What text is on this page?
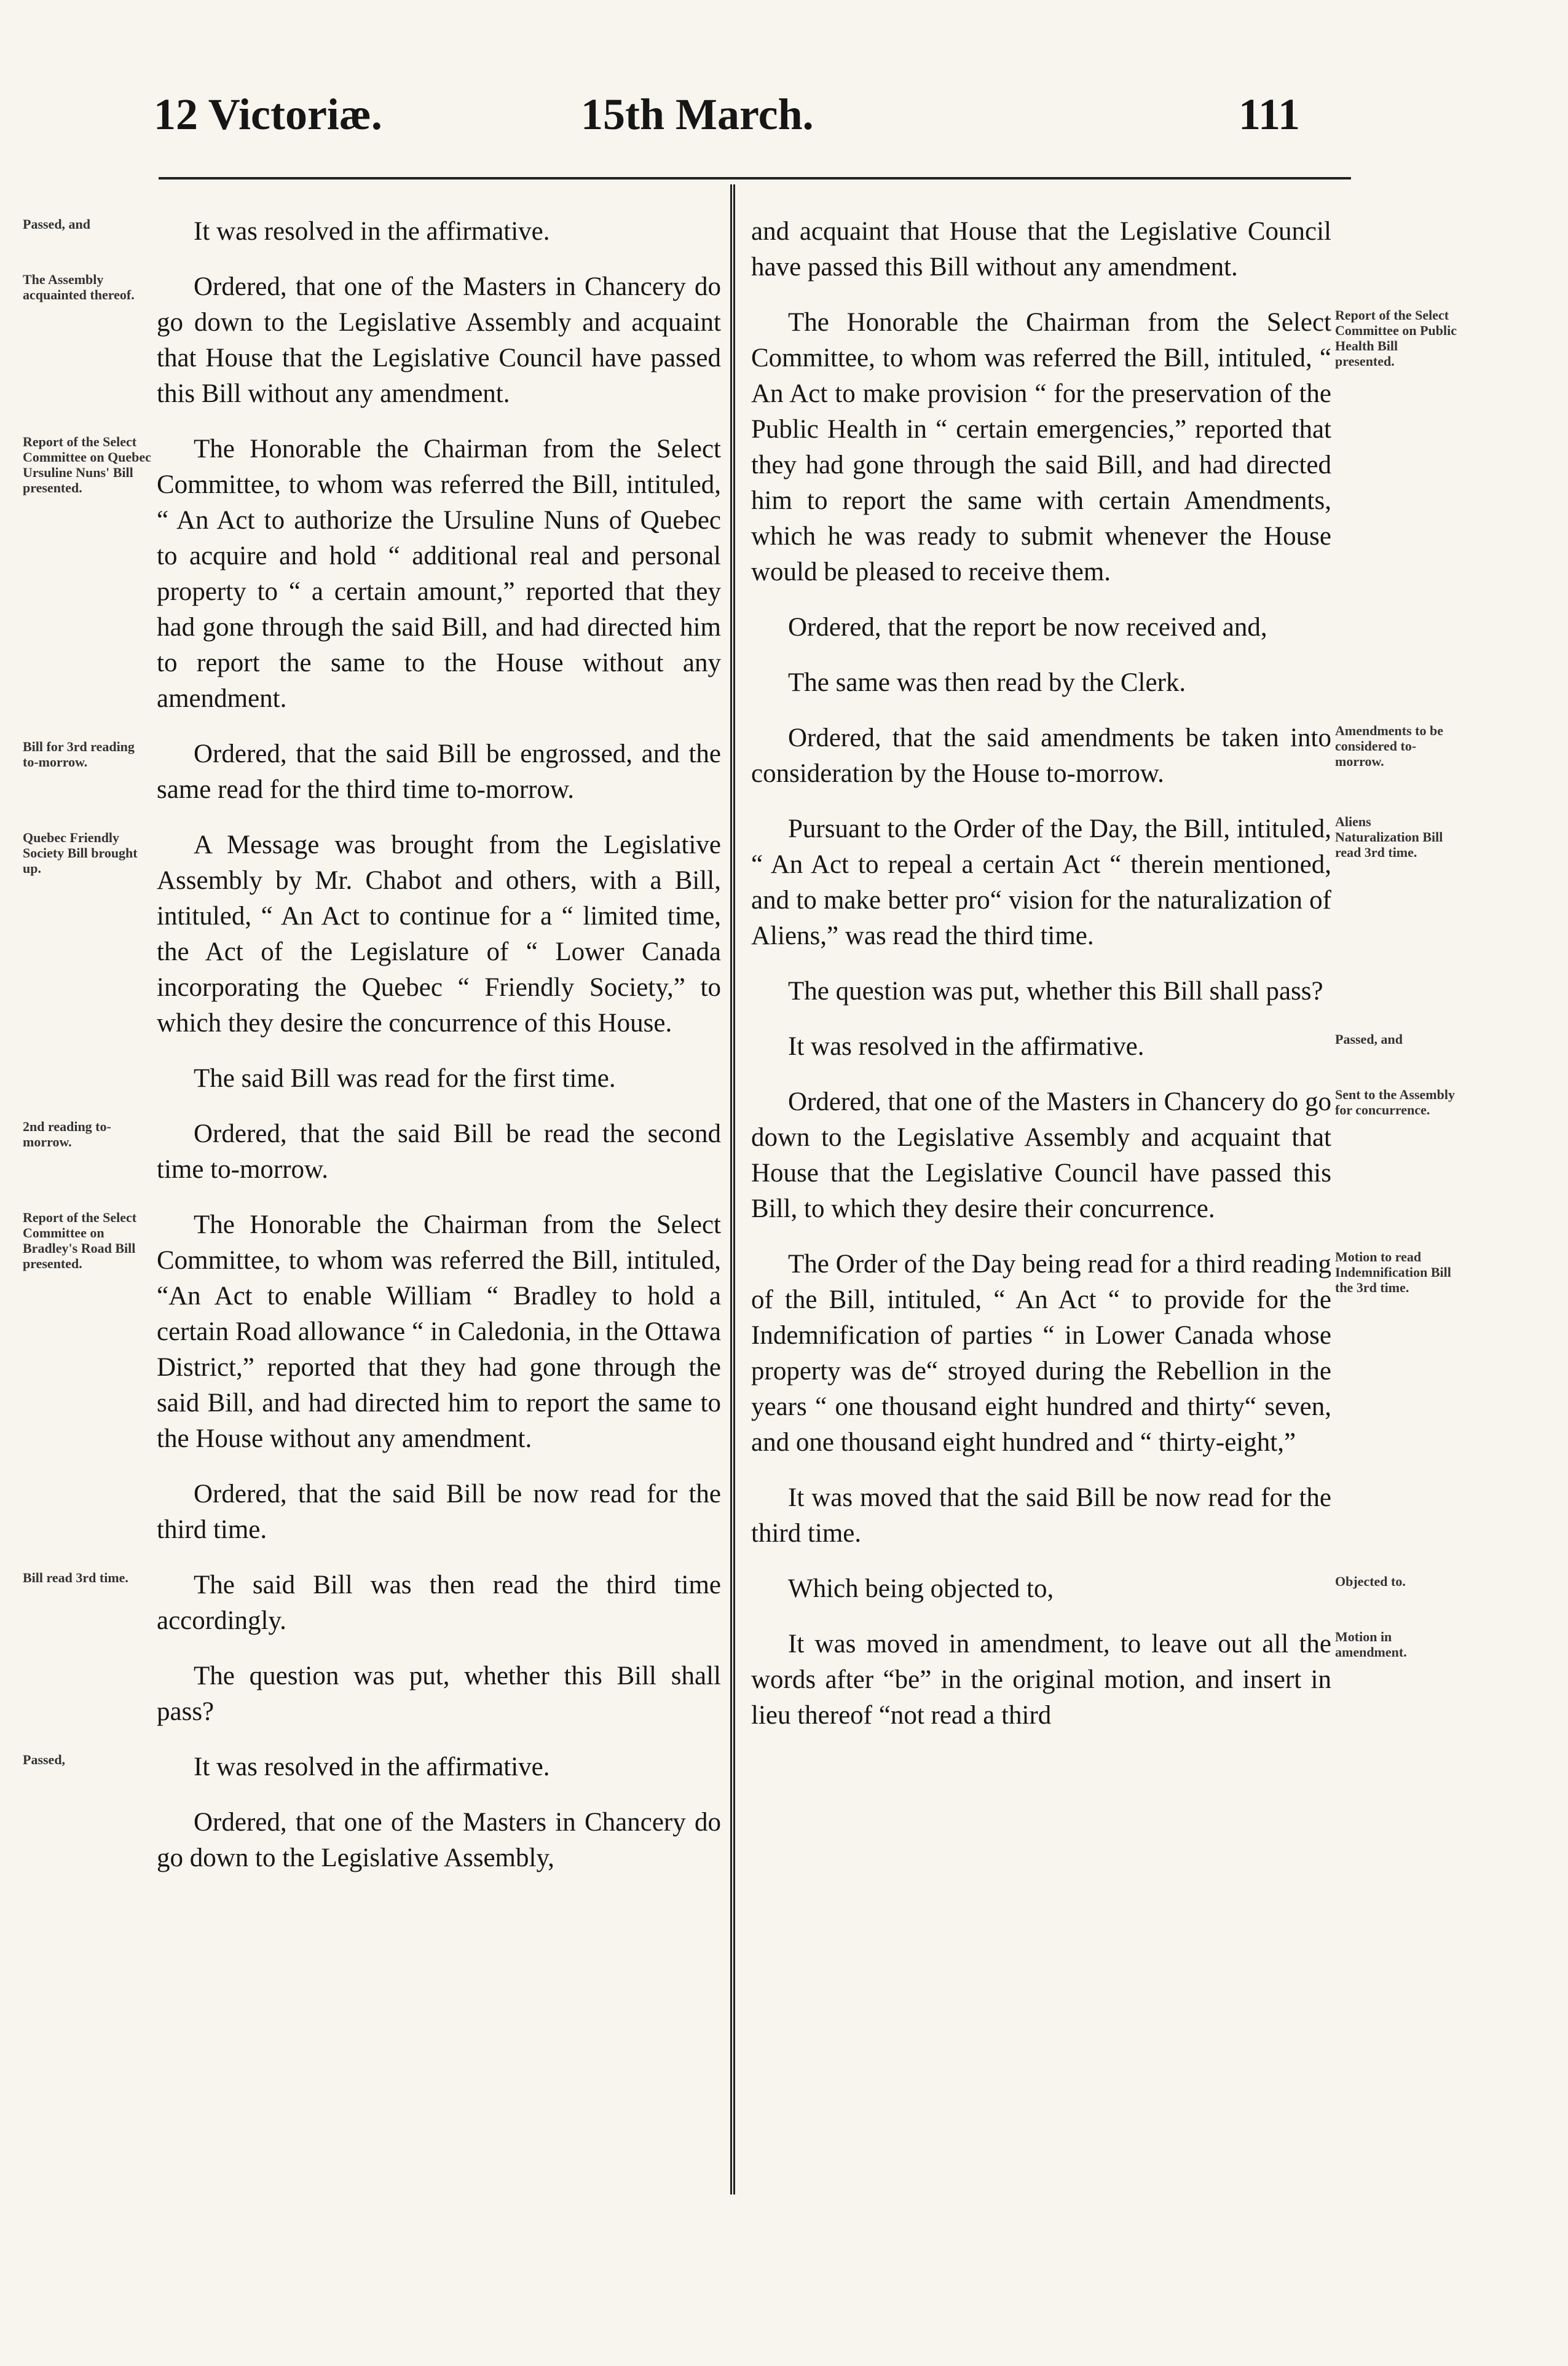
12 Victoriæ.	15th March.	111

Passed, and	It was resolved in the affirmative.

The Assembly acquainted thereof.	Ordered, that one of the Masters in Chancery do go down to the Legislative Assembly and acquaint that House that the Legislative Council have passed this Bill without any amendment.

Report of the Select Committee on Quebec Ursuline Nuns' Bill presented.
The Honorable the Chairman from the Select Committee, to whom was referred the Bill, intituled, “ An Act to authorize the Ursuline Nuns of Quebec to acquire and hold “ additional real and personal property to “ a certain amount,” reported that they had gone through the said Bill, and had directed him to report the same to the House without any amendment.

Bill for 3rd reading to-morrow.	Ordered, that the said Bill be engrossed, and the same read for the third time to-morrow.

Quebec Friendly Society Bill brought up.
A Message was brought from the Legislative Assembly by Mr. Chabot and others, with a Bill, intituled, “ An Act to continue for a “ limited time, the Act of the Legislature of “ Lower Canada incorporating the Quebec “ Friendly Society,” to which they desire the concurrence of this House.

The said Bill was read for the first time.

2nd reading to-morrow.	Ordered, that the said Bill be read the second time to-morrow.

Report of the Select Committee on Bradley's Road Bill presented.
The Honorable the Chairman from the Select Committee, to whom was referred the Bill, intituled, “An Act to enable William “ Bradley to hold a certain Road allowance “ in Caledonia, in the Ottawa District,” reported that they had gone through the said Bill, and had directed him to report the same to the House without any amendment.

Ordered, that the said Bill be now read for the third time.

Bill read 3rd time.	The said Bill was then read the third time accordingly.

The question was put, whether this Bill shall pass?

Passed,	It was resolved in the affirmative.

Ordered, that one of the Masters in Chancery do go down to the Legislative Assembly,

and acquaint that House that the Legislative Council have passed this Bill without any amendment.

Report of the Select Committee on Public Health Bill presented.
The Honorable the Chairman from the Select Committee, to whom was referred the Bill, intituled, “ An Act to make provision “ for the preservation of the Public Health in “ certain emergencies,” reported that they had gone through the said Bill, and had directed him to report the same with certain Amendments, which he was ready to submit whenever the House would be pleased to receive them.

Ordered, that the report be now received and,

The same was then read by the Clerk.

Amendments to be considered to-morrow.
Ordered, that the said amendments be taken into consideration by the House to-morrow.

Aliens Naturalization Bill read 3rd time.
Pursuant to the Order of the Day, the Bill, intituled, “ An Act to repeal a certain Act “ therein mentioned, and to make better pro“ vision for the naturalization of Aliens,” was read the third time.

The question was put, whether this Bill shall pass?

Passed, and
It was resolved in the affirmative.

Sent to the Assembly for concurrence.
Ordered, that one of the Masters in Chancery do go down to the Legislative Assembly and acquaint that House that the Legislative Council have passed this Bill, to which they desire their concurrence.

Motion to read Indemnification Bill the 3rd time.
The Order of the Day being read for a third reading of the Bill, intituled, “ An Act “ to provide for the Indemnification of parties “ in Lower Canada whose property was de“ stroyed during the Rebellion in the years “ one thousand eight hundred and thirty“ seven, and one thousand eight hundred and “ thirty-eight,”

It was moved that the said Bill be now read for the third time.

Objected to.
Which being objected to,

Motion in amendment.
It was moved in amendment, to leave out all the words after “be” in the original motion, and insert in lieu thereof “not read a third
